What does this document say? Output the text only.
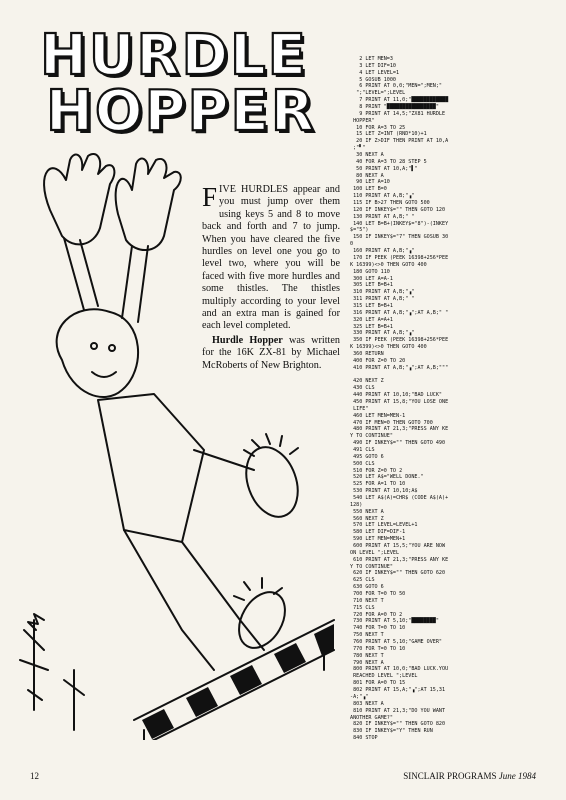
HURDLE
HOPPER

FIVE HURDLES appear and you must jump over them using keys 5 and 8 to move back and forth and 7 to jump. When you have cleared the five hurdles on level one you go to level two, where you will be faced with five more hurdles and some thistles. The thistles multiply according to your level and an extra man is gained for each level completed.

Hurdle Hopper was written for the 16K ZX-81 by Michael McRoberts of New Brighton.

2 LET MEN=3
3 LET DIF=10
4 LET LEVEL=1
5 GOSUB 1000
6 PRINT AT 0,0;"MEN=";MEN;"
";"LEVEL=";LEVEL
7 PRINT AT 11,0;"████████████
8 PRINT "████████████████"
9 PRINT AT 14,5;"ZX81 HURDLE
HOPPER"
10 FOR A=3 TO 25
15 LET Z=INT (RND*10)+1
20 IF Z>DIF THEN PRINT AT 10,A
;"▘"
30 NEXT A
40 FOR A=3 TO 28 STEP 5
50 PRINT AT 10,A;"▌"
80 NEXT A
90 LET A=10
100 LET B=0
110 PRINT AT A,B;"▗"
115 IF B>27 THEN GOTO 500
120 IF INKEY$="" THEN GOTO 120
130 PRINT AT A,B;" "
140 LET B=B+(INKEY$="8")-(INKEY
$="5")
150 IF INKEY$="7" THEN GOSUB 30
0
160 PRINT AT A,B;"▗"
170 IF PEEK (PEEK 16398+256*PEE
K 16399)<>0 THEN GOTO 400
180 GOTO 110
300 LET A=A-1
305 LET B=B+1
310 PRINT AT A,B;"▗"
311 PRINT AT A,B;" "
315 LET B=B+1
316 PRINT AT A,B;"▗";AT A,B;" "
320 LET A=A+1
325 LET B=B+1
330 PRINT AT A,B;"▗"
350 IF PEEK (PEEK 16398+256*PEE
K 16399)<>0 THEN GOTO 400
360 RETURN
400 FOR Z=0 TO 20
410 PRINT AT A,B;"▗";AT A,B;"""

420 NEXT Z
430 CLS
440 PRINT AT 10,10;"BAD LUCK"
450 PRINT AT 15,8;"YOU LOSE ONE
LIFE"
460 LET MEN=MEN-1
470 IF MEN=0 THEN GOTO 700
480 PRINT AT 21,3;"PRESS ANY KE
Y TO CONTINUE"
490 IF INKEY$="" THEN GOTO 490
491 CLS
495 GOTO 6
500 CLS
510 FOR Z=0 TO 2
520 LET A$="WELL DONE."
525 FOR A=1 TO 10
530 PRINT AT 10,10;A$
540 LET A$(A)=CHR$ (CODE A$(A)+
128)
550 NEXT A
560 NEXT Z
570 LET LEVEL=LEVEL+1
580 LET DIF=DIF-1
590 LET MEN=MEN+1
600 PRINT AT 15,5;"YOU ARE NOW
ON LEVEL ";LEVEL
610 PRINT AT 21,3;"PRESS ANY KE
Y TO CONTINUE"
620 IF INKEY$="" THEN GOTO 620
625 CLS
630 GOTO 6
700 FOR T=0 TO 50
710 NEXT T
715 CLS
720 FOR A=0 TO 2
730 PRINT AT 5,10;"████████"
740 FOR T=0 TO 10
750 NEXT T
760 PRINT AT 5,10;"GAME OVER"
770 FOR T=0 TO 10
780 NEXT T
790 NEXT A
800 PRINT AT 10,0;"BAD LUCK.YOU
REACHED LEVEL ";LEVEL
801 FOR A=0 TO 15
802 PRINT AT 15,A;"▗";AT 15,31
-A;"▗"
803 NEXT A
810 PRINT AT 21,3;"DO YOU WANT
ANOTHER GAME?"
820 IF INKEY$="" THEN GOTO 820
830 IF INKEY$="Y" THEN RUN
840 STOP

12	SINCLAIR PROGRAMS June 1984
